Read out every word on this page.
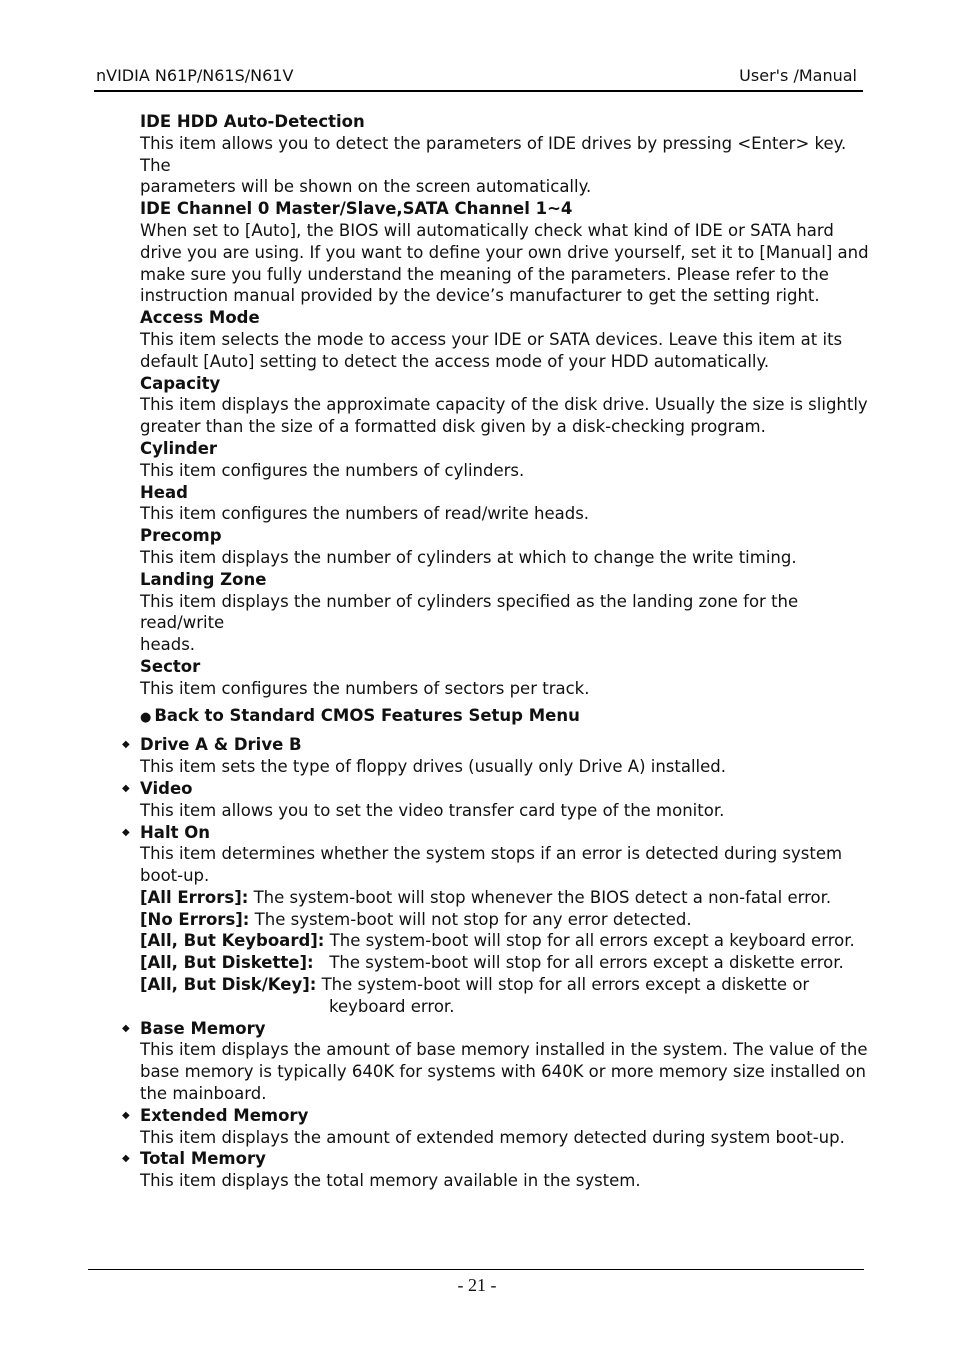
nVIDIA N61P/N61S/N61V	User's /Manual
IDE HDD Auto-Detection
This item allows you to detect the parameters of IDE drives by pressing <Enter> key. The
parameters will be shown on the screen automatically.
IDE Channel 0 Master/Slave,SATA Channel 1~4
When set to [Auto], the BIOS will automatically check what kind of IDE or SATA hard
drive you are using. If you want to define your own drive yourself, set it to [Manual] and
make sure you fully understand the meaning of the parameters. Please refer to the
instruction manual provided by the device’s manufacturer to get the setting right.
Access Mode
This item selects the mode to access your IDE or SATA devices. Leave this item at its
default [Auto] setting to detect the access mode of your HDD automatically.
Capacity
This item displays the approximate capacity of the disk drive. Usually the size is slightly
greater than the size of a formatted disk given by a disk-checking program.
Cylinder
This item configures the numbers of cylinders.
Head
This item configures the numbers of read/write heads.
Precomp
This item displays the number of cylinders at which to change the write timing.
Landing Zone
This item displays the number of cylinders specified as the landing zone for the read/write
heads.
Sector
This item configures the numbers of sectors per track.
● Back to Standard CMOS Features Setup Menu
◆ Drive A & Drive B
This item sets the type of floppy drives (usually only Drive A) installed.
◆ Video
This item allows you to set the video transfer card type of the monitor.
◆ Halt On
This item determines whether the system stops if an error is detected during system
boot-up.
[All Errors]: The system-boot will stop whenever the BIOS detect a non-fatal error.
[No Errors]: The system-boot will not stop for any error detected.
[All, But Keyboard]: The system-boot will stop for all errors except a keyboard error.
[All, But Diskette]:   The system-boot will stop for all errors except a diskette error.
[All, But Disk/Key]: The system-boot will stop for all errors except a diskette or
keyboard error.
◆ Base Memory
This item displays the amount of base memory installed in the system. The value of the
base memory is typically 640K for systems with 640K or more memory size installed on
the mainboard.
◆ Extended Memory
This item displays the amount of extended memory detected during system boot-up.
◆ Total Memory
This item displays the total memory available in the system.
- 21 -
